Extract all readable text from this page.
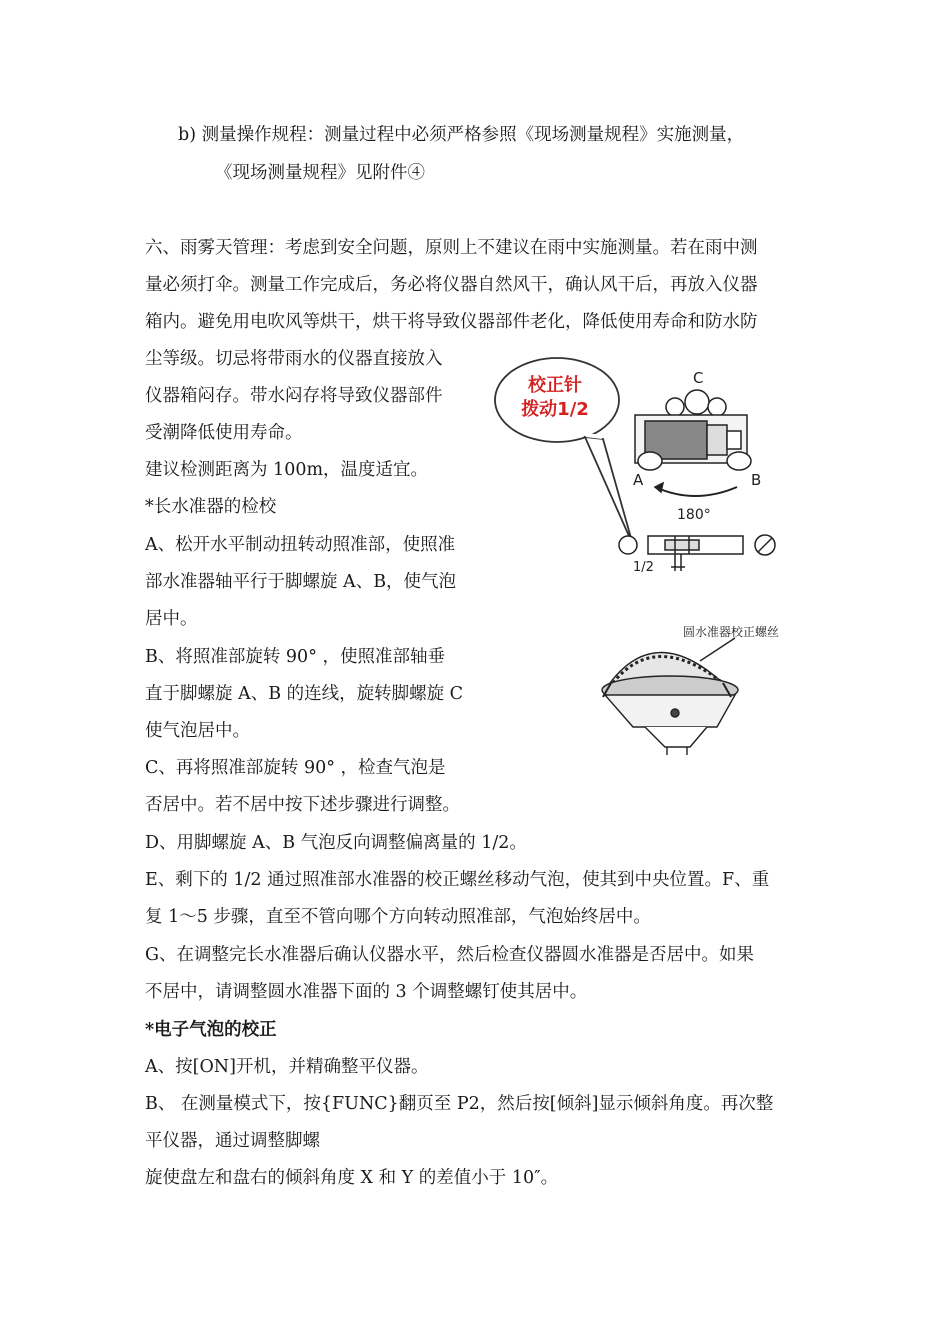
b) 测量操作规程：测量过程中必须严格参照《现场测量规程》实施测量，
《现场测量规程》见附件④
六、雨雾天管理：考虑到安全问题，原则上不建议在雨中实施测量。若在雨中测
量必须打伞。测量工作完成后，务必将仪器自然风干，确认风干后，再放入仪器
箱内。避免用电吹风等烘干，烘干将导致仪器部件老化，降低使用寿命和防水防
尘等级。切忌将带雨水的仪器直接放入
仪器箱闷存。带水闷存将导致仪器部件
受潮降低使用寿命。
建议检测距离为 100m，温度适宜。
*长水准器的检校
A、松开水平制动扭转动照准部，使照准
部水准器轴平行于脚螺旋 A、B，使气泡
居中。
B、将照准部旋转 90° ，使照准部轴垂
直于脚螺旋 A、B 的连线，旋转脚螺旋 C
使气泡居中。
C、再将照准部旋转 90° ，检查气泡是
否居中。若不居中按下述步骤进行调整。
D、用脚螺旋 A、B 气泡反向调整偏离量的 1/2。
E、剩下的 1/2 通过照准部水准器的校正螺丝移动气泡，使其到中央位置。F、重
复 1～5 步骤，直至不管向哪个方向转动照准部，气泡始终居中。
G、在调整完长水准器后确认仪器水平，然后检查仪器圆水准器是否居中。如果
不居中，请调整圆水准器下面的 3 个调整螺钉使其居中。
*电子气泡的校正
A、按[ON]开机，并精确整平仪器。
B、 在测量模式下，按{FUNC}翻页至 P2，然后按[倾斜]显示倾斜角度。再次整
平仪器，通过调整脚螺
旋使盘左和盘右的倾斜角度 X 和 Y 的差值小于 10″。
校正针
拨动1/2
C
A	B
180°
1/2
圆水准器校正螺丝
